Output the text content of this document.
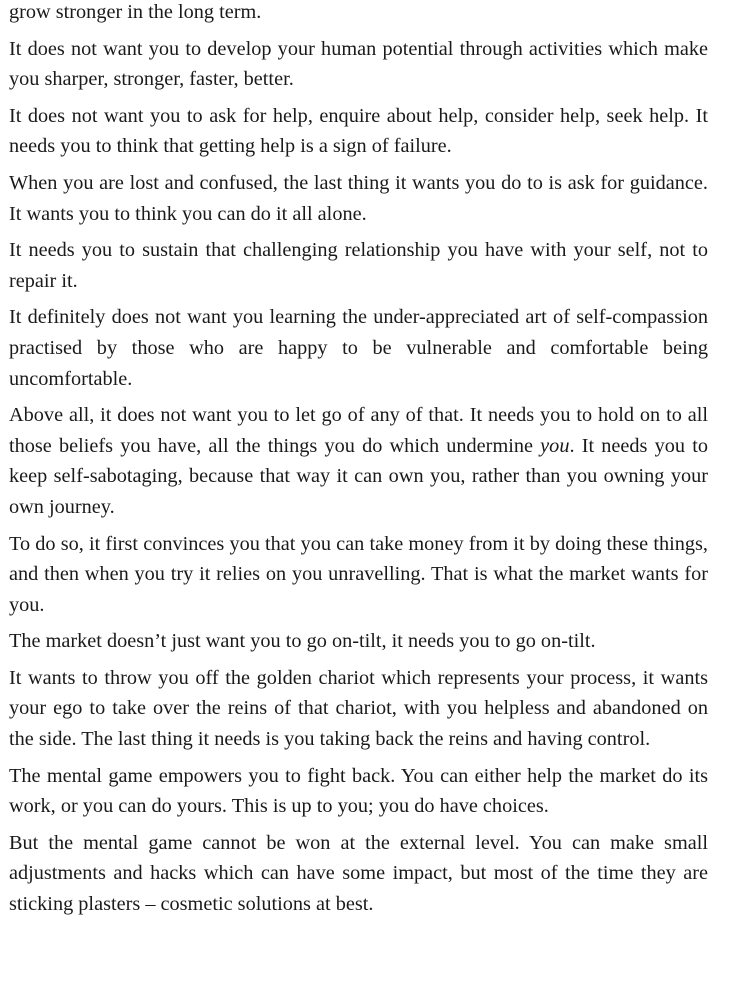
grow stronger in the long term.

It does not want you to develop your human potential through activities which make you sharper, stronger, faster, better.

It does not want you to ask for help, enquire about help, consider help, seek help. It needs you to think that getting help is a sign of failure.

When you are lost and confused, the last thing it wants you do to is ask for guidance. It wants you to think you can do it all alone.

It needs you to sustain that challenging relationship you have with your self, not to repair it.

It definitely does not want you learning the under-appreciated art of self-compassion practised by those who are happy to be vulnerable and comfortable being uncomfortable.

Above all, it does not want you to let go of any of that. It needs you to hold on to all those beliefs you have, all the things you do which undermine you. It needs you to keep self-sabotaging, because that way it can own you, rather than you owning your own journey.

To do so, it first convinces you that you can take money from it by doing these things, and then when you try it relies on you unravelling. That is what the market wants for you.

The market doesn’t just want you to go on-tilt, it needs you to go on-tilt.

It wants to throw you off the golden chariot which represents your process, it wants your ego to take over the reins of that chariot, with you helpless and abandoned on the side. The last thing it needs is you taking back the reins and having control.

The mental game empowers you to fight back. You can either help the market do its work, or you can do yours. This is up to you; you do have choices.

But the mental game cannot be won at the external level. You can make small adjustments and hacks which can have some impact, but most of the time they are sticking plasters – cosmetic solutions at best.
